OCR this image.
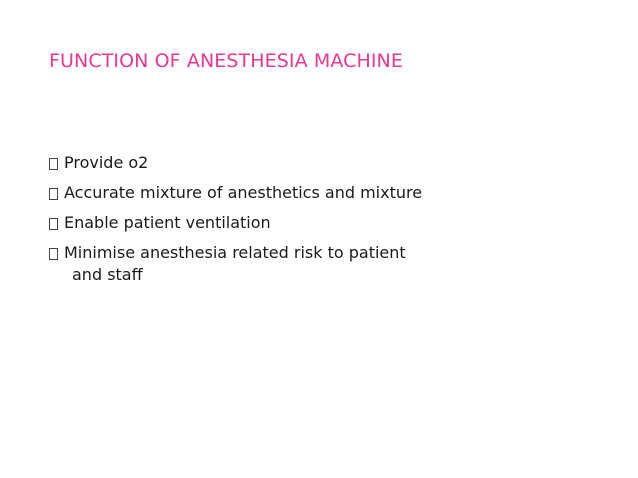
FUNCTION OF ANESTHESIA MACHINE
Provide o2
Accurate mixture of anesthetics and mixture
Enable patient ventilation
Minimise anesthesia related risk to patient and staff
